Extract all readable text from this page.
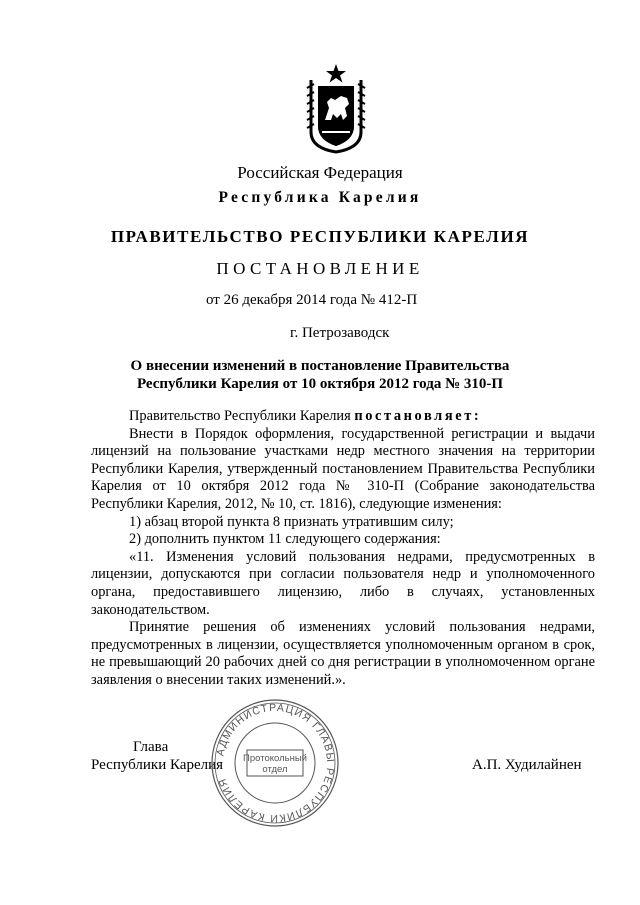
Российская Федерация
Республика Карелия
ПРАВИТЕЛЬСТВО РЕСПУБЛИКИ КАРЕЛИЯ
ПОСТАНОВЛЕНИЕ
от 26 декабря 2014 года № 412-П
г. Петрозаводск
О внесении изменений в постановление Правительства
Республики Карелия от 10 октября 2012 года № 310-П

Правительство Республики Карелия постановляет:

Внести в Порядок оформления, государственной регистрации и выдачи лицензий на пользование участками недр местного значения на территории Республики Карелия, утвержденный постановлением Правительства Республики Карелия от 10 октября 2012 года № 310-П (Собрание законодательства Республики Карелия, 2012, № 10, ст. 1816), следующие изменения:

1) абзац второй пункта 8 признать утратившим силу;

2) дополнить пунктом 11 следующего содержания:

«11. Изменения условий пользования недрами, предусмотренных в лицензии, допускаются при согласии пользователя недр и уполномоченного органа, предоставившего лицензию, либо в случаях, установленных законодательством.

Принятие решения об изменениях условий пользования недрами, предусмотренных в лицензии, осуществляется уполномоченным органом в срок, не превышающий 20 рабочих дней со дня регистрации в уполномоченном органе заявления о внесении таких изменений.».

Глава
Республики Карелия	А.П. Худилайнен
АДМИНИСТРАЦИЯ ГЛАВЫ РЕСПУБЛИКИ КАРЕЛИЯ
Протокольный
отдел
